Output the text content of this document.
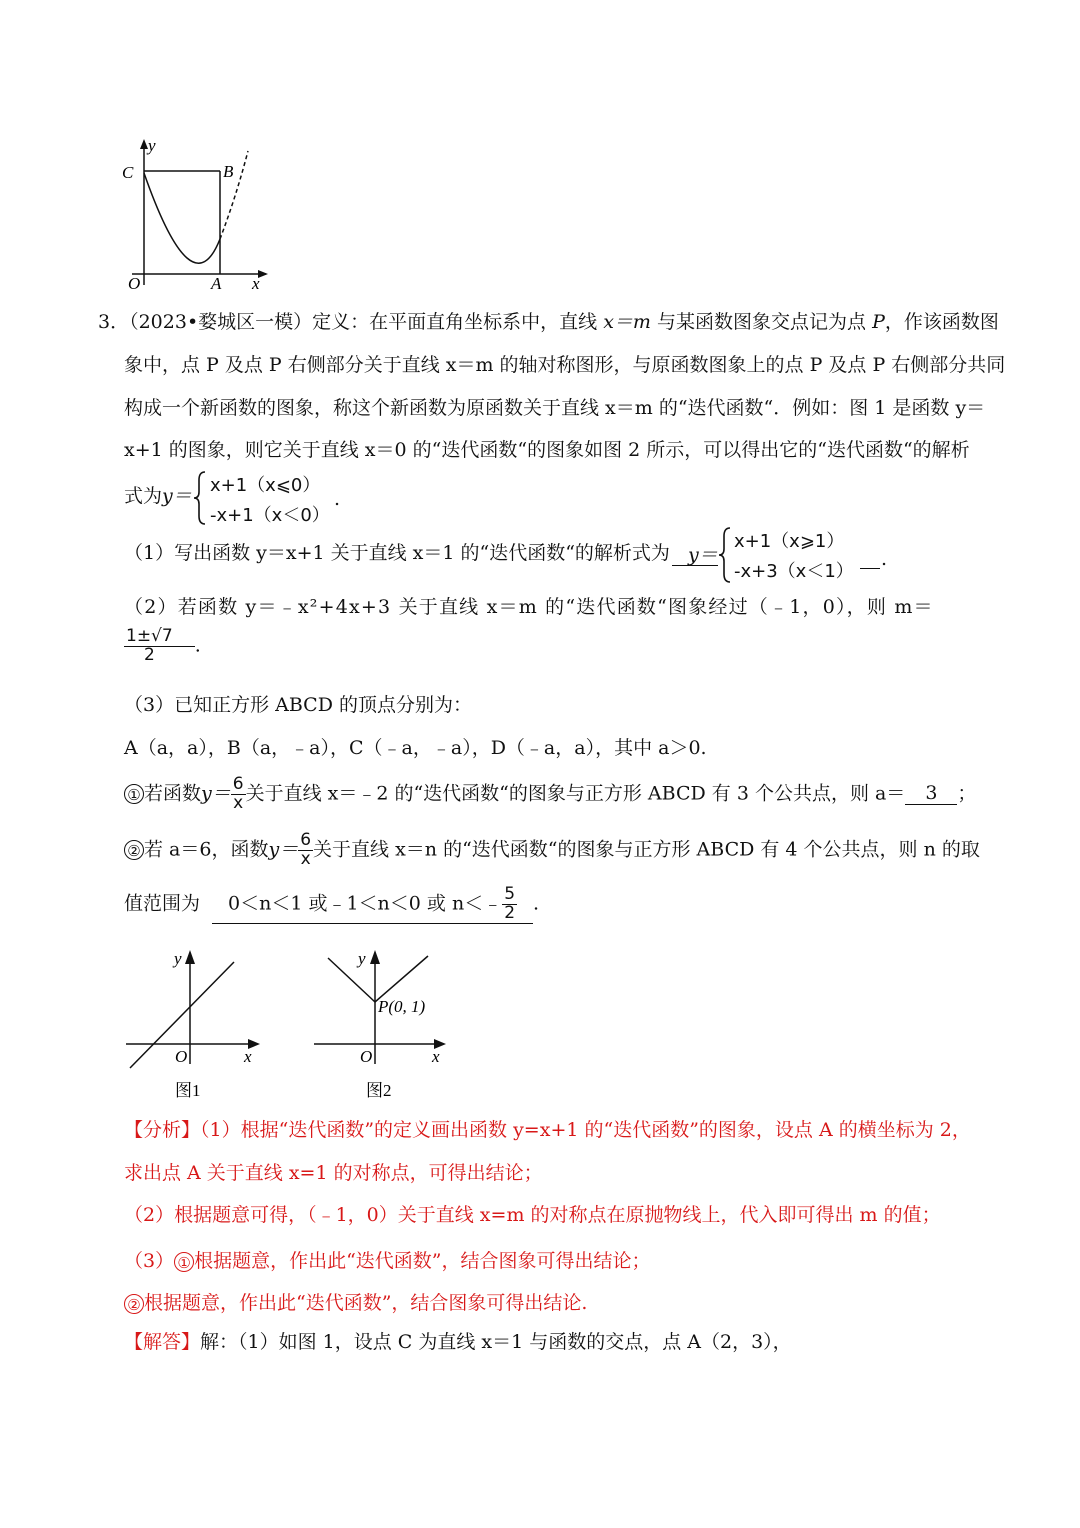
y
C	B
O	A x
3．（2023•婺城区一模）定义：在平面直角坐标系中，直线 x＝m 与某函数图象交点记为点 P，作该函数图
象中，点 P 及点 P 右侧部分关于直线 x＝m 的轴对称图形，与原函数图象上的点 P 及点 P 右侧部分共同
构成一个新函数的图象，称这个新函数为原函数关于直线 x＝m 的“迭代函数“．例如：图 1 是函数 y＝
x+1 的图象，则它关于直线 x＝0 的“迭代函数“的图象如图 2 所示，可以得出它的“迭代函数“的解析
式为y＝ x+1（x⩽0）
-x+1（x＜0）
.
（1）写出函数 y＝x+1 关于直线 x＝1 的“迭代函数“的解析式为 y＝
x+1（x⩾1）
-x+3（x＜1）
.
（2）若函数 y＝﹣x²+4x+3 关于直线 x＝m 的“迭代函数“图象经过（﹣1，0），则 m＝
$\frac{1\pm√7}{2}$ .
（3）已知正方形 ABCD 的顶点分别为：
A（a，a），B（a，﹣a），C（﹣a，﹣a），D（﹣a，a），其中 a＞0.
① 若函数$y= \frac{6}{x}$ 关于直线 x＝﹣2 的“迭代函数“的图象与正方形 ABCD 有 3 个公共点，则 a＝ 3 ；
② 若 a＝6，函数$y= \frac{6}{x}$ 关于直线 x＝n 的“迭代函数“的图象与正方形 ABCD 有 4 个公共点，则 n 的取
值范围为 0＜n＜1 或﹣1＜n＜0 或 n＜﹣ $\frac{5}{2}$ .
y
O	x
图1
y
P(0, 1)
O	x
图2
【分析】（1）根据“迭代函数”的定义画出函数 y=x+1 的“迭代函数”的图象，设点 A 的横坐标为 2，
求出点 A 关于直线 x=1 的对称点，可得出结论；
（2）根据题意可得，（﹣1，0）关于直线 x=m 的对称点在原抛物线上，代入即可得出 m 的值；
（3） ① 根据题意，作出此“迭代函数”，结合图象可得出结论；
② 根据题意，作出此“迭代函数”，结合图象可得出结论.
【解答】解：（1）如图 1，设点 C 为直线 x＝1 与函数的交点，点 A（2，3），
